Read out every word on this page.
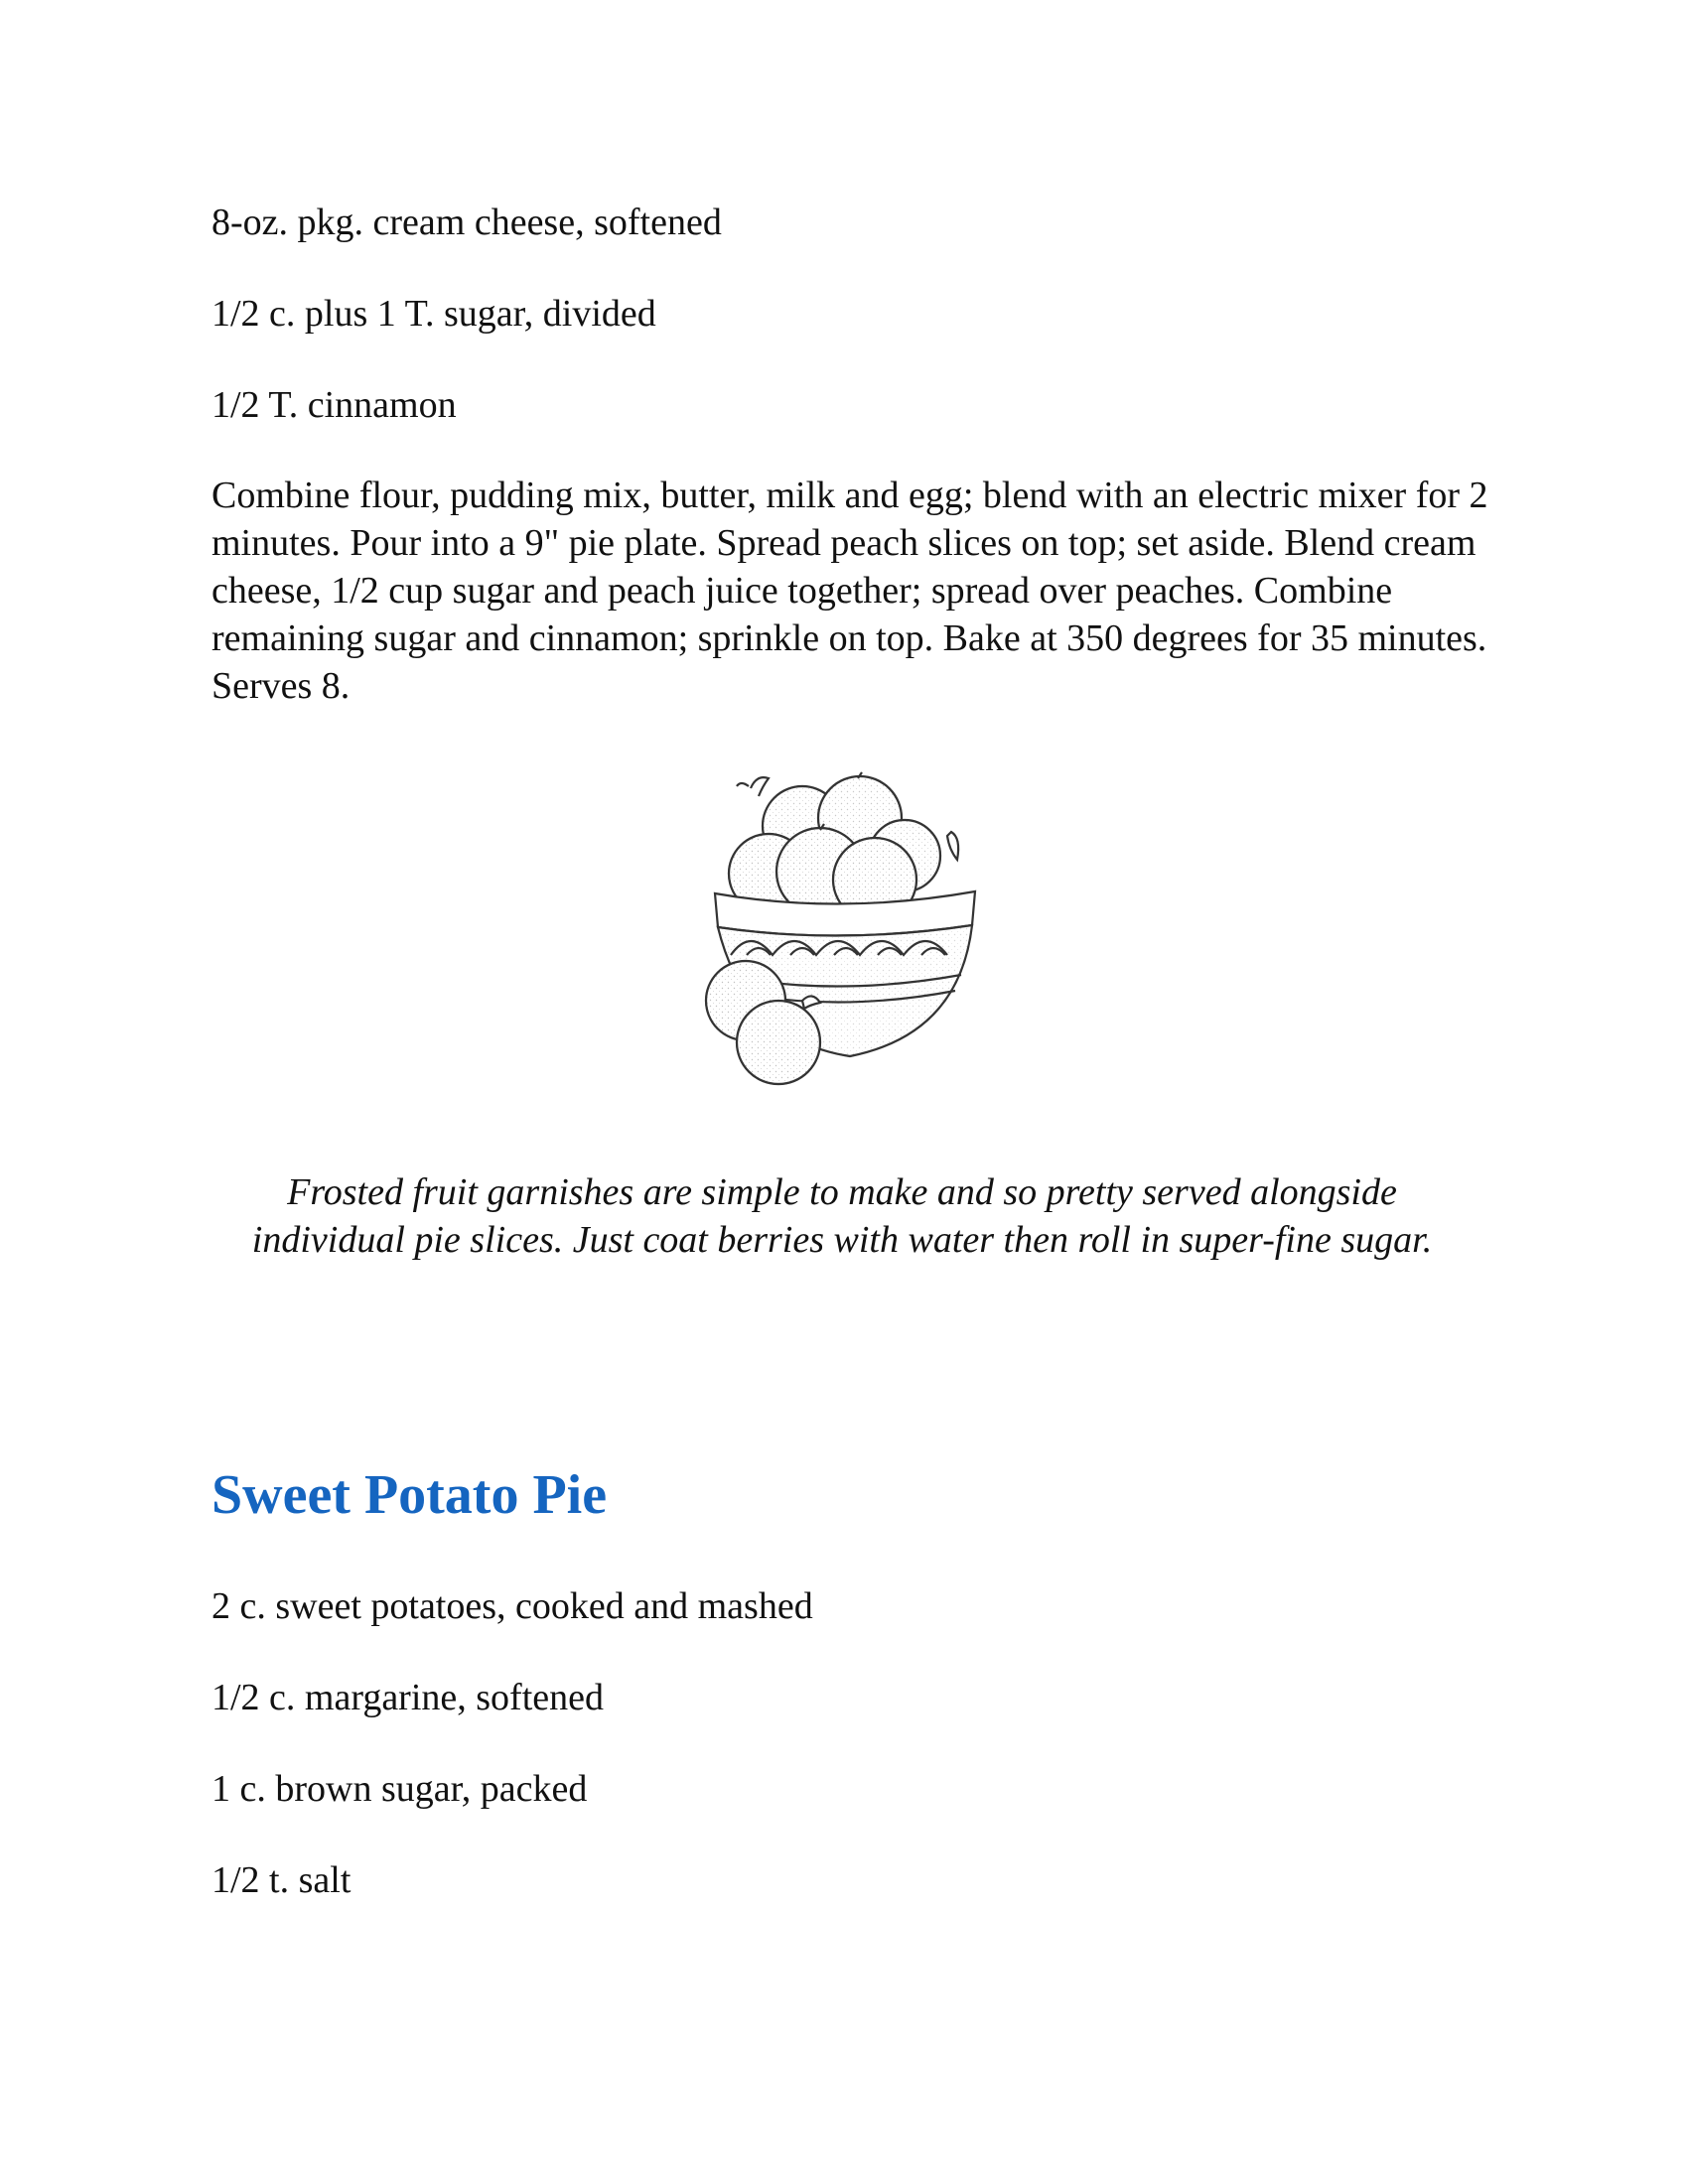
8-oz. pkg. cream cheese, softened

1/2 c. plus 1 T. sugar, divided

1/2 T. cinnamon

Combine flour, pudding mix, butter, milk and egg; blend with an electric mixer for 2 minutes. Pour into a 9" pie plate. Spread peach slices on top; set aside. Blend cream cheese, 1/2 cup sugar and peach juice together; spread over peaches. Combine remaining sugar and cinnamon; sprinkle on top. Bake at 350 degrees for 35 minutes. Serves 8.

Frosted fruit garnishes are simple to make and so pretty served alongside individual pie slices. Just coat berries with water then roll in super-fine sugar.

Sweet Potato Pie

2 c. sweet potatoes, cooked and mashed

1/2 c. margarine, softened

1 c. brown sugar, packed

1/2 t. salt
